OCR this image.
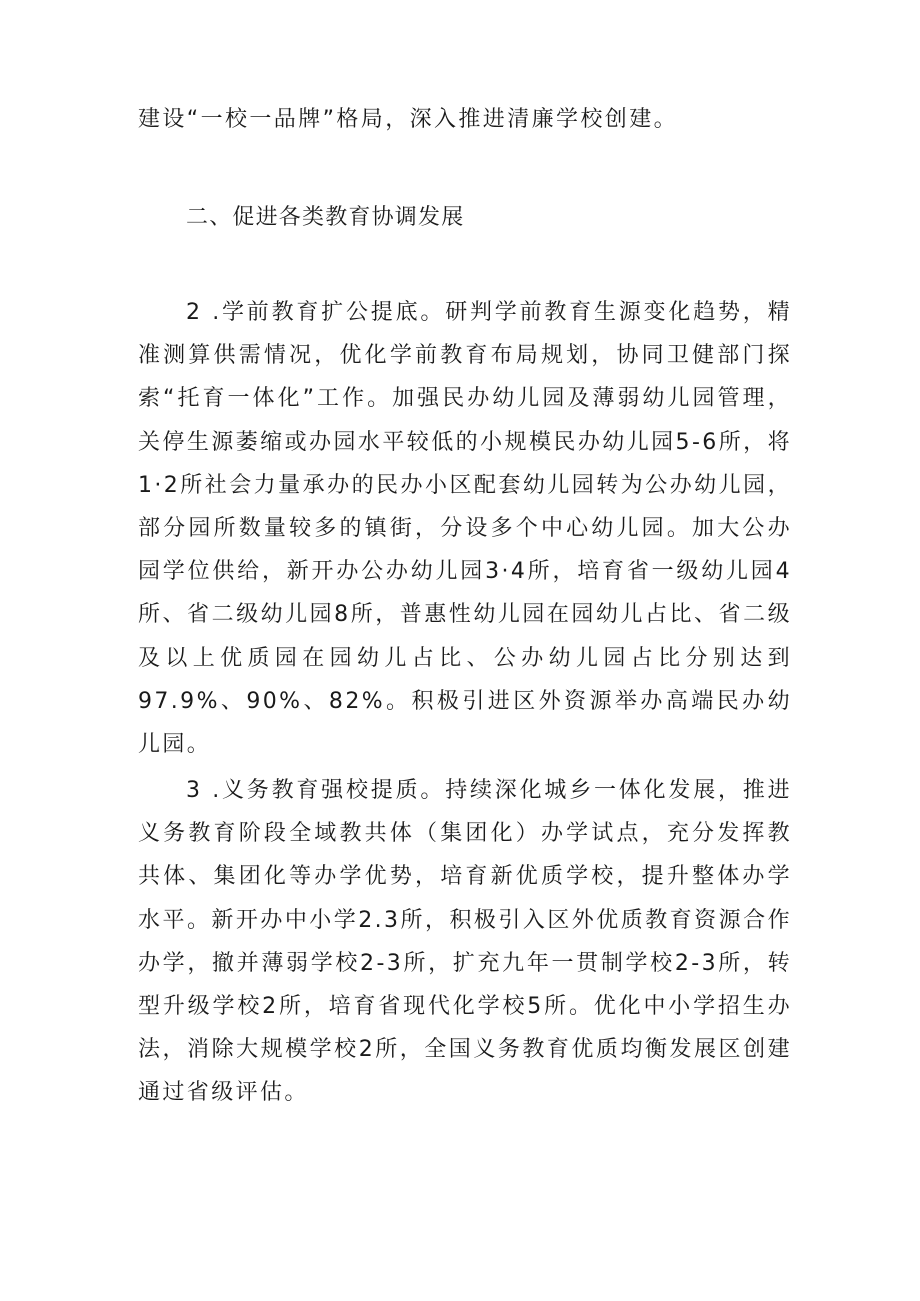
建设“一校一品牌”格局，深入推进清廉学校创建。

二、促进各类教育协调发展

2 .学前教育扩公提底。研判学前教育生源变化趋势，精准测算供需情况，优化学前教育布局规划，协同卫健部门探索“托育一体化”工作。加强民办幼儿园及薄弱幼儿园管理，关停生源萎缩或办园水平较低的小规模民办幼儿园5-6所，将1·2所社会力量承办的民办小区配套幼儿园转为公办幼儿园，部分园所数量较多的镇街，分设多个中心幼儿园。加大公办园学位供给，新开办公办幼儿园3·4所，培育省一级幼儿园4所、省二级幼儿园8所，普惠性幼儿园在园幼儿占比、省二级及以上优质园在园幼儿占比、公办幼儿园占比分别达到97.9%、90%、82%。积极引进区外资源举办高端民办幼儿园。

3 .义务教育强校提质。持续深化城乡一体化发展，推进义务教育阶段全域教共体（集团化）办学试点，充分发挥教共体、集团化等办学优势，培育新优质学校，提升整体办学水平。新开办中小学2.3所，积极引入区外优质教育资源合作办学，撤并薄弱学校2-3所，扩充九年一贯制学校2-3所，转型升级学校2所，培育省现代化学校5所。优化中小学招生办法，消除大规模学校2所，全国义务教育优质均衡发展区创建通过省级评估。
